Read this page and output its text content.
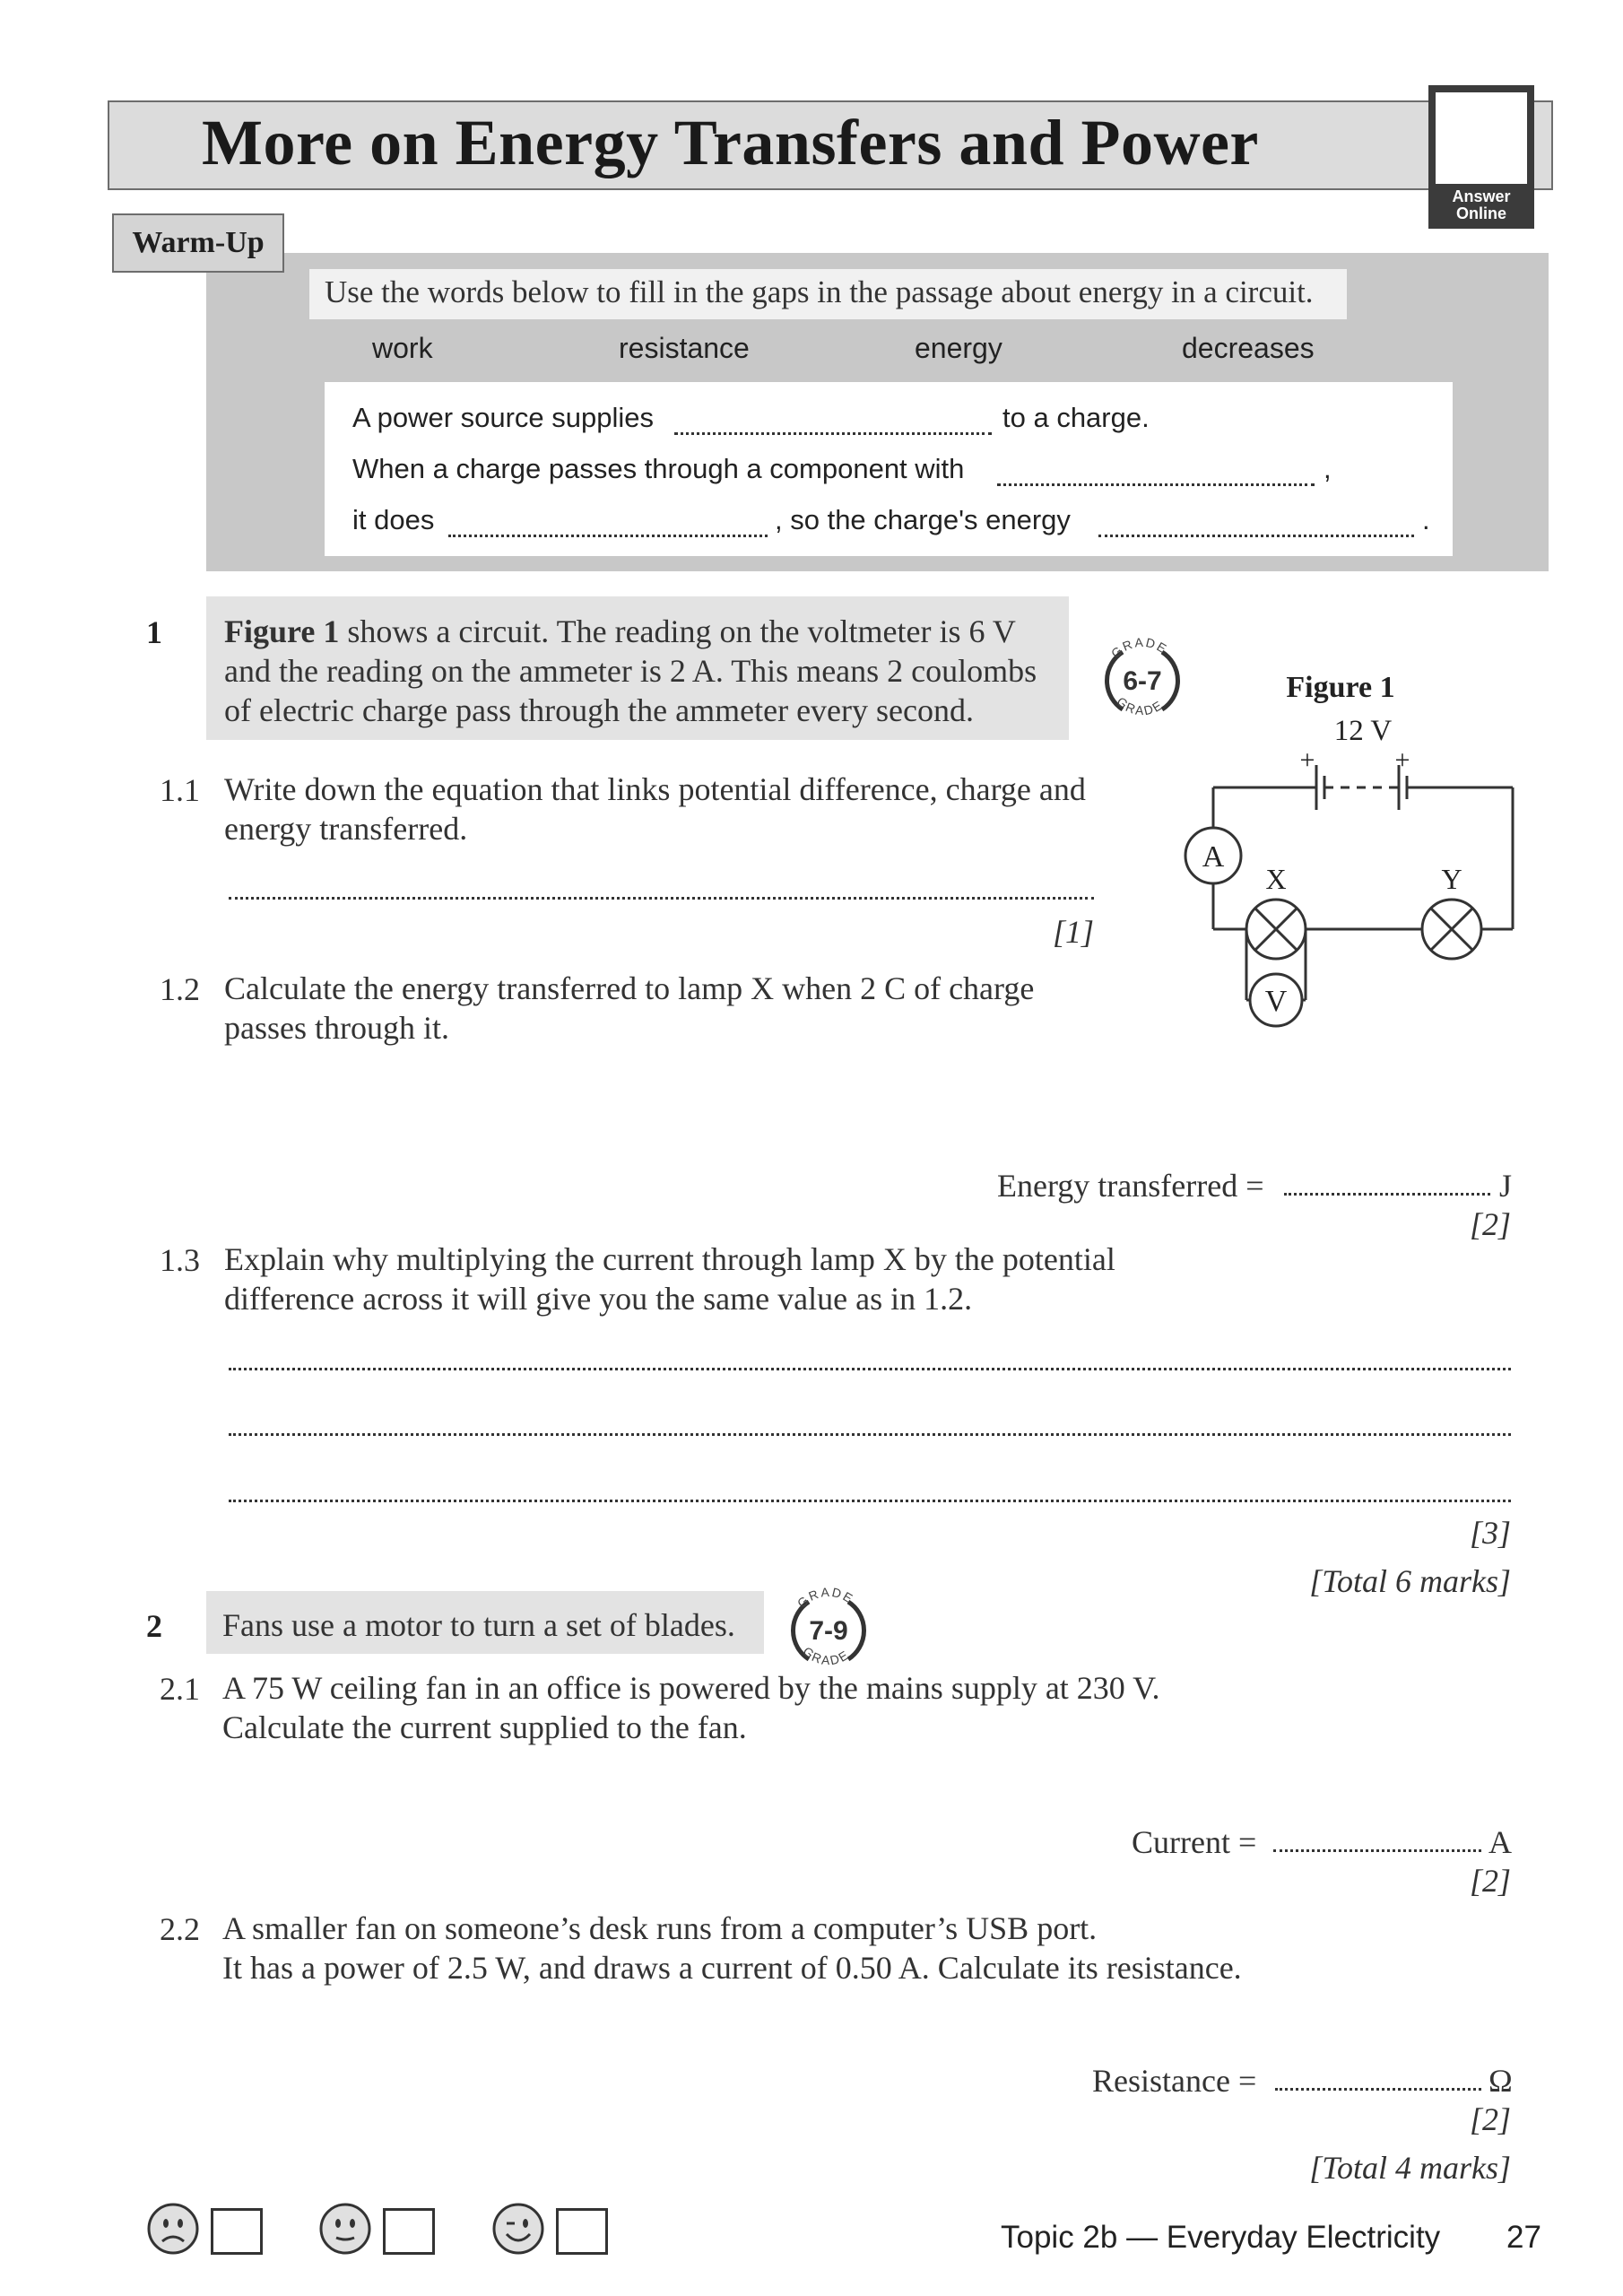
More on Energy Transfers and Power
Answer
Online
Warm-Up
Use the words below to fill in the gaps in the passage about energy in a circuit.
work	resistance	energy	decreases
A power source supplies	to a charge.
When a charge passes through a component with	,
it does	, so the charge's energy	.
1 Figure 1 shows a circuit. The reading on the voltmeter is 6 V
and the reading on the ammeter is 2 A. This means 2 coulombs
of electric charge pass through the ammeter every second.
GRADE
6-7
GRADE
Figure 1
12 V
+	+
A
V
X	Y
1.1 Write down the equation that links potential difference, charge and
energy transferred.
[1]
1.2 Calculate the energy transferred to lamp X when 2 C of charge
passes through it.
Energy transferred =	J
[2]
1.3 Explain why multiplying the current through lamp X by the potential
difference across it will give you the same value as in 1.2.
[3]
[Total 6 marks]
2 Fans use a motor to turn a set of blades.
GRADE
7-9
GRADE
2.1 A 75 W ceiling fan in an office is powered by the mains supply at 230 V.
Calculate the current supplied to the fan.
Current =	A
[2]
2.2 A smaller fan on someone’s desk runs from a computer’s USB port.
It has a power of 2.5 W, and draws a current of 0.50 A. Calculate its resistance.
Resistance =	Ω
[2]
[Total 4 marks]
Topic 2b — Everyday Electricity 27
